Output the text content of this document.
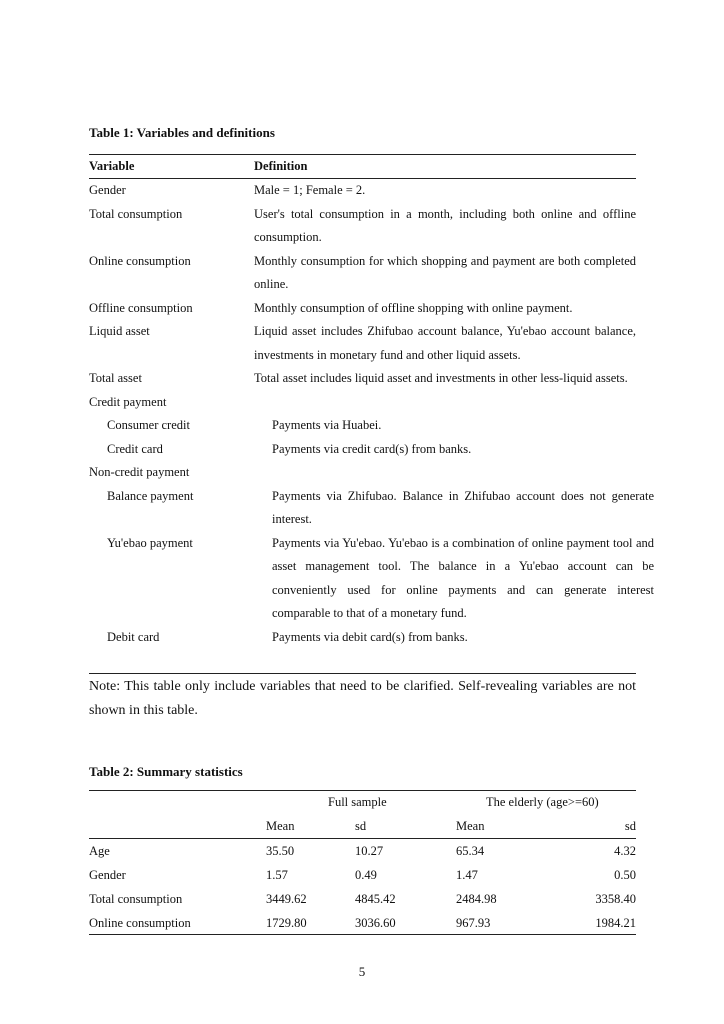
Table 1: Variables and definitions
Variable	Definition
Gender	Male = 1; Female = 2.
Total consumption	User's total consumption in a month, including both online and offline consumption.
Online consumption	Monthly consumption for which shopping and payment are both completed online.
Offline consumption	Monthly consumption of offline shopping with online payment.
Liquid asset	Liquid asset includes Zhifubao account balance, Yu'ebao account balance, investments in monetary fund and other liquid assets.
Total asset	Total asset includes liquid asset and investments in other less-liquid assets.
Credit payment
Consumer credit	Payments via Huabei.
Credit card	Payments via credit card(s) from banks.
Non-credit payment
Balance payment	Payments via Zhifubao. Balance in Zhifubao account does not generate interest.
Yu'ebao payment	Payments via Yu'ebao. Yu'ebao is a combination of online payment tool and asset management tool. The balance in a Yu'ebao account can be conveniently used for online payments and can generate interest comparable to that of a monetary fund.
Debit card	Payments via debit card(s) from banks.
Note: This table only include variables that need to be clarified. Self-revealing variables are not shown in this table.
Table 2: Summary statistics
Full sample	The elderly (age>=60)
Mean	sd	Mean	sd
Age	35.50	10.27	65.34	4.32
Gender	1.57	0.49	1.47	0.50
Total consumption	3449.62	4845.42	2484.98	3358.40
Online consumption	1729.80	3036.60	967.93	1984.21
5
